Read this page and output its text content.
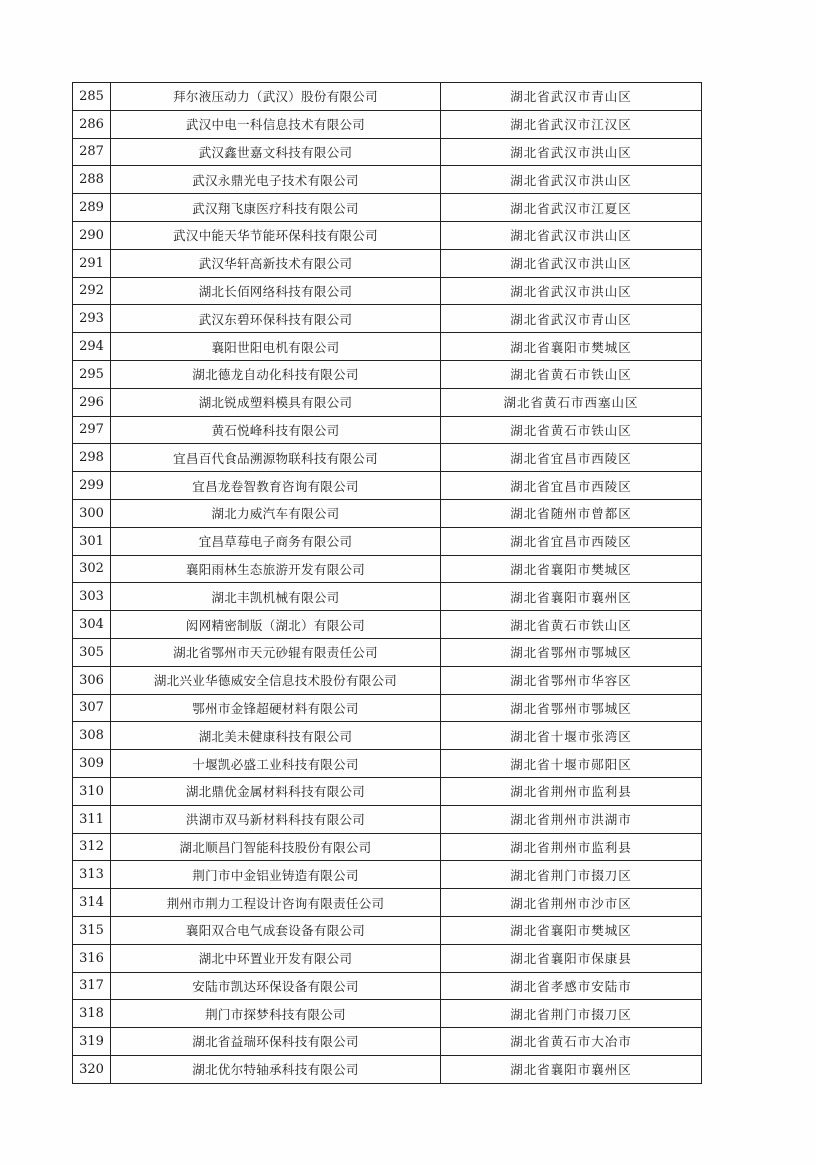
285	拜尔液压动力（武汉）股份有限公司	湖北省武汉市青山区
286	武汉中电一科信息技术有限公司	湖北省武汉市江汉区
287	武汉鑫世嘉文科技有限公司	湖北省武汉市洪山区
288	武汉永鼎光电子技术有限公司	湖北省武汉市洪山区
289	武汉翔飞康医疗科技有限公司	湖北省武汉市江夏区
290	武汉中能天华节能环保科技有限公司	湖北省武汉市洪山区
291	武汉华轩高新技术有限公司	湖北省武汉市洪山区
292	湖北长佰网络科技有限公司	湖北省武汉市洪山区
293	武汉东碧环保科技有限公司	湖北省武汉市青山区
294	襄阳世阳电机有限公司	湖北省襄阳市樊城区
295	湖北德龙自动化科技有限公司	湖北省黄石市铁山区
296	湖北锐成塑料模具有限公司	湖北省黄石市西塞山区
297	黄石悦峰科技有限公司	湖北省黄石市铁山区
298	宜昌百代食品溯源物联科技有限公司	湖北省宜昌市西陵区
299	宜昌龙卷智教育咨询有限公司	湖北省宜昌市西陵区
300	湖北力威汽车有限公司	湖北省随州市曾都区
301	宜昌草莓电子商务有限公司	湖北省宜昌市西陵区
302	襄阳雨林生态旅游开发有限公司	湖北省襄阳市樊城区
303	湖北丰凯机械有限公司	湖北省襄阳市襄州区
304	闳网精密制版（湖北）有限公司	湖北省黄石市铁山区
305	湖北省鄂州市天元砂辊有限责任公司	湖北省鄂州市鄂城区
306	湖北兴业华德威安全信息技术股份有限公司	湖北省鄂州市华容区
307	鄂州市金锋超硬材料有限公司	湖北省鄂州市鄂城区
308	湖北美未健康科技有限公司	湖北省十堰市张湾区
309	十堰凯必盛工业科技有限公司	湖北省十堰市郧阳区
310	湖北鼎优金属材料科技有限公司	湖北省荆州市监利县
311	洪湖市双马新材料科技有限公司	湖北省荆州市洪湖市
312	湖北顺昌门智能科技股份有限公司	湖北省荆州市监利县
313	荆门市中金铝业铸造有限公司	湖北省荆门市掇刀区
314	荆州市荆力工程设计咨询有限责任公司	湖北省荆州市沙市区
315	襄阳双合电气成套设备有限公司	湖北省襄阳市樊城区
316	湖北中环置业开发有限公司	湖北省襄阳市保康县
317	安陆市凯达环保设备有限公司	湖北省孝感市安陆市
318	荆门市探梦科技有限公司	湖北省荆门市掇刀区
319	湖北省益瑞环保科技有限公司	湖北省黄石市大冶市
320	湖北优尔特轴承科技有限公司	湖北省襄阳市襄州区
